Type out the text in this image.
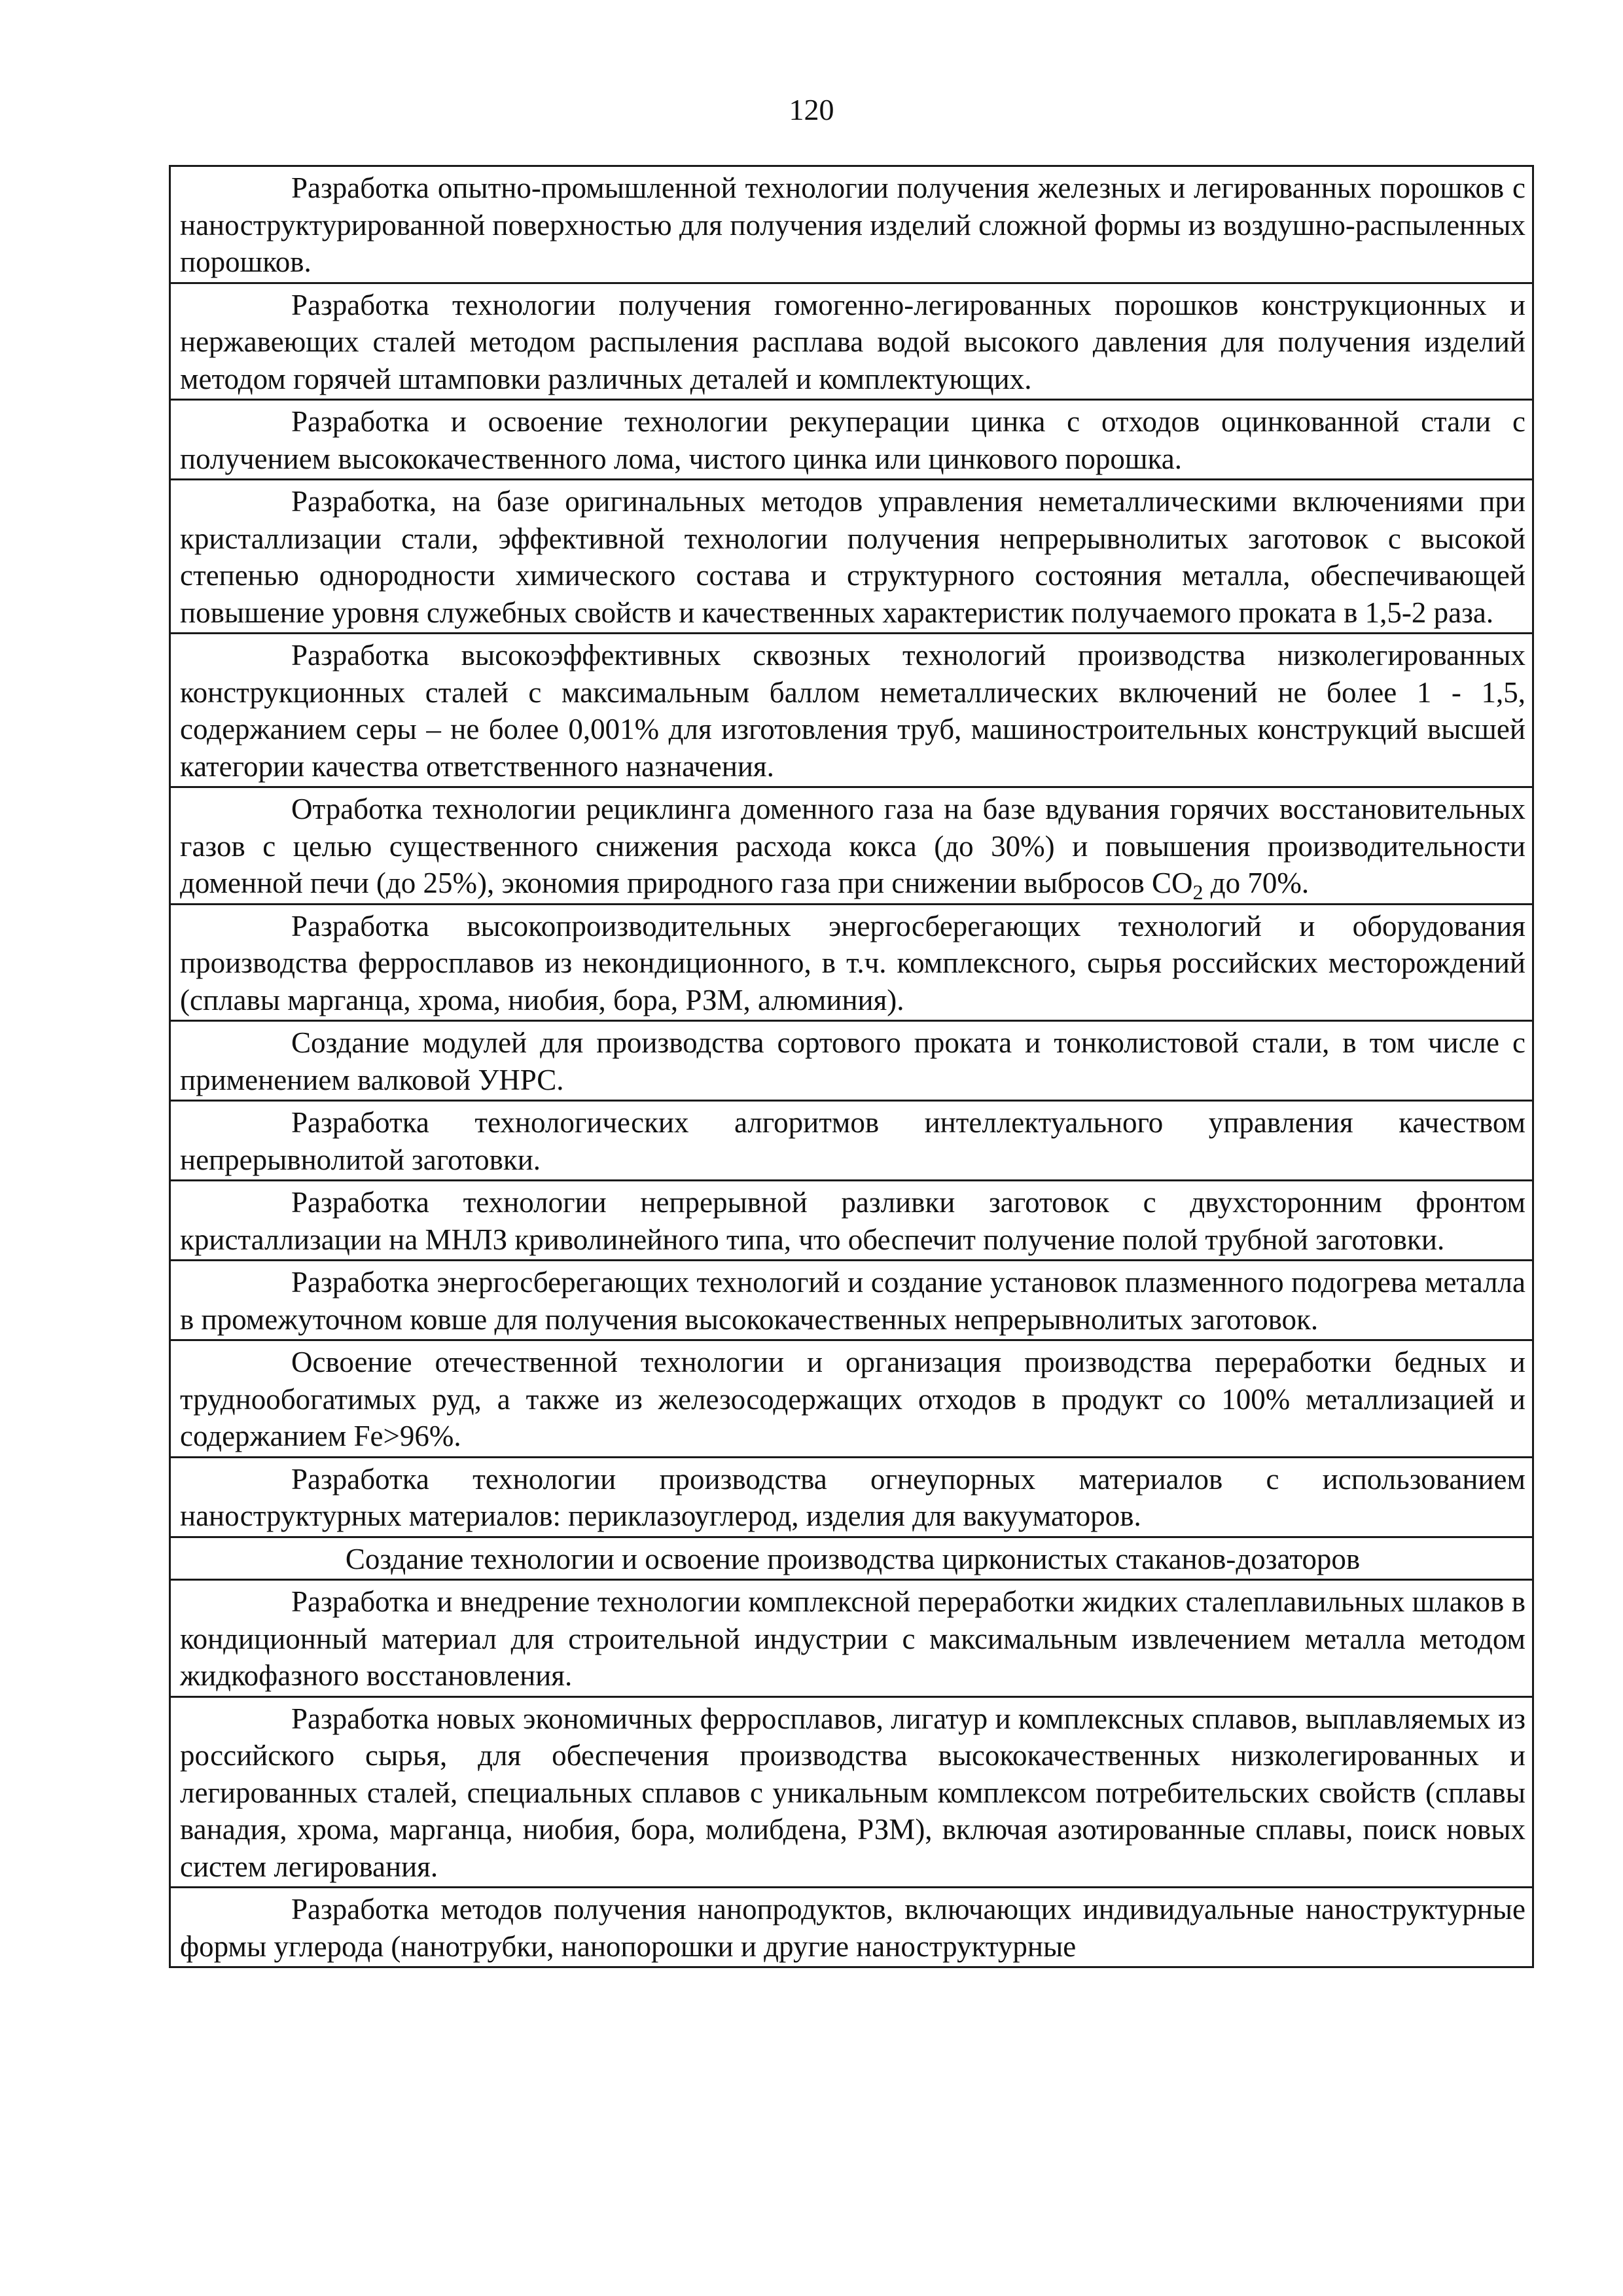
120
Разработка опытно-промышленной технологии получения железных и легированных порошков с наноструктурированной поверхностью для получения изделий сложной формы из воздушно-распыленных порошков.
Разработка технологии получения гомогенно-легированных порошков конструкционных и нержавеющих сталей методом распыления расплава водой высокого давления для получения изделий методом горячей штамповки различных деталей и комплектующих.
Разработка и освоение технологии рекуперации цинка с отходов оцинкованной стали с получением высококачественного лома, чистого цинка или цинкового порошка.
Разработка, на базе оригинальных методов управления неметаллическими включениями при кристаллизации стали, эффективной технологии получения непрерывнолитых заготовок с высокой степенью однородности химического состава и структурного состояния металла, обеспечивающей повышение уровня служебных свойств и качественных характеристик получаемого проката в 1,5-2 раза.
Разработка высокоэффективных сквозных технологий производства низколегированных конструкционных сталей с максимальным баллом неметаллических включений не более 1 - 1,5, содержанием серы – не более 0,001% для изготовления труб, машиностроительных конструкций высшей категории качества ответственного назначения.
Отработка технологии рециклинга доменного газа на базе вдувания горячих восстановительных газов с целью существенного снижения расхода кокса (до 30%) и повышения производительности доменной печи (до 25%), экономия природного газа при снижении выбросов $CO_2$ до 70%.
Разработка высокопроизводительных энергосберегающих технологий и оборудования производства ферросплавов из некондиционного, в т.ч. комплексного, сырья российских месторождений (сплавы марганца, хрома, ниобия, бора, РЗМ, алюминия).
Создание модулей для производства сортового проката и тонколистовой стали, в том числе с применением валковой УНРС.
Разработка технологических алгоритмов интеллектуального управления качеством непрерывнолитой заготовки.
Разработка технологии непрерывной разливки заготовок с двухсторонним фронтом кристаллизации на МНЛЗ криволинейного типа, что обеспечит получение полой трубной заготовки.
Разработка энергосберегающих технологий и создание установок плазменного подогрева металла в промежуточном ковше для получения высококачественных непрерывнолитых заготовок.
Освоение отечественной технологии и организация производства переработки бедных и труднообогатимых руд, а также из железосодержащих отходов в продукт со 100% металлизацией и содержанием Fe>96%.
Разработка технологии производства огнеупорных материалов с использованием наноструктурных материалов: периклазоуглерод, изделия для вакууматоров.
Создание технологии и освоение производства цирконистых стаканов-дозаторов
Разработка и внедрение технологии комплексной переработки жидких сталеплавильных шлаков в кондиционный материал для строительной индустрии с максимальным извлечением металла методом жидкофазного восстановления.
Разработка новых экономичных ферросплавов, лигатур и комплексных сплавов, выплавляемых из российского сырья, для обеспечения производства высококачественных низколегированных и легированных сталей, специальных сплавов с уникальным комплексом потребительских свойств (сплавы ванадия, хрома, марганца, ниобия, бора, молибдена, РЗМ), включая азотированные сплавы, поиск новых систем легирования.
Разработка методов получения нанопродуктов, включающих индивидуальные наноструктурные формы углерода (нанотрубки, нанопорошки и другие наноструктурные
